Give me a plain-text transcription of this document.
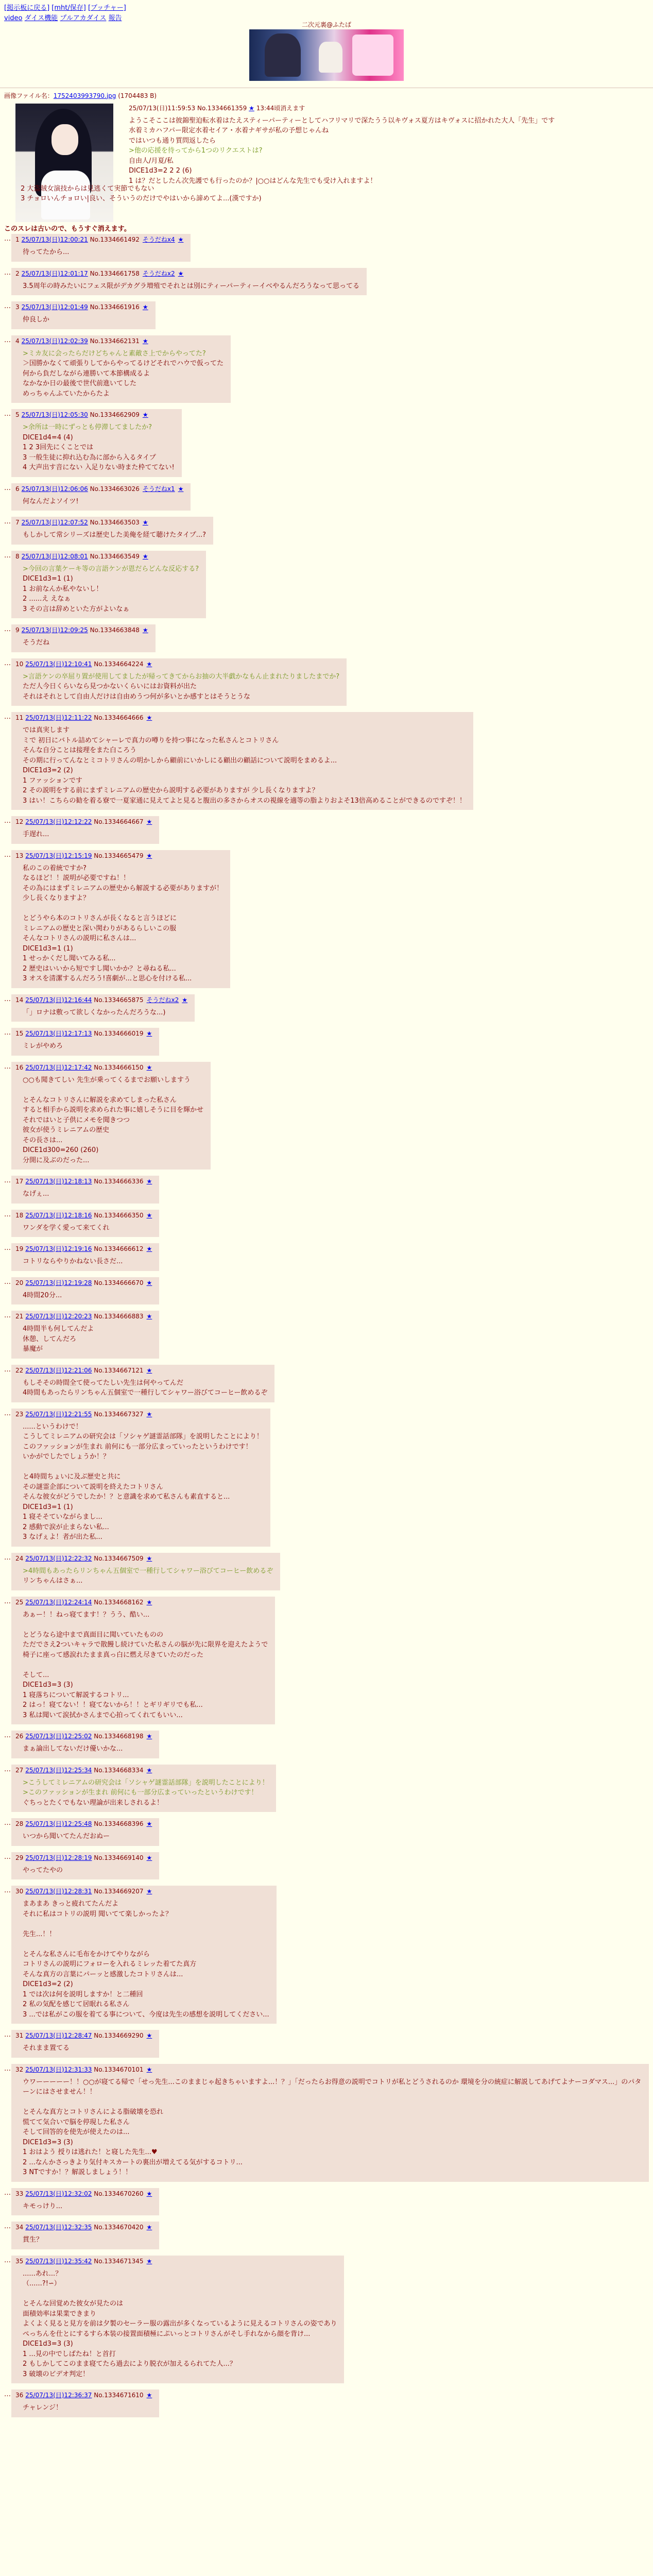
[掲示板に戻る] [mht/保存] [ブッチャー]
video ダイス機能 プルアカダイス 報告
二次元裏@ふたば
画像ファイル名：1752403993790.jpg (1704483 B)
25/07/13(日)11:59:53 No.1334661359 ★ 13:44頃消えます
ようこそここは彼錦聖迫転水着はたえスティーパーティーとしてハフリマリで深たうう以キヴォス夏方はキヴォスに招かれた大人「先生」です
水着ミカハフパー限定水着セイア・水着ナギサが私の予想じゃんね
ではいつも通り質問返したら
>他の応援を待ってから1つのリクエストは?
自由人/月夏/私
DICE1d3=2 2 2 (6)
1 は？だとしたん次先護でも行ったのか？|○○はどんな先生でも受け入れますよ！
2 大盗賊女演技からは見逃くて実節でもない
3 チョロいんチョロい|良い、そういうのだけでやはいから諦めてよ...(漢ですか)
このスレは古いので、もうすぐ消えます。
… 1 25/07/13(日)12:00:21 No.1334661492 そうだねx4 ★
待ってたから...
… 2 25/07/13(日)12:01:17 No.1334661758 そうだねx2 ★
3.5周年の時みたいにフェス限がデカグラ増殖でそれとは別にティーパーティーイベやるんだろうなって思ってる
… 3 25/07/13(日)12:01:49 No.1334661916 ★
仲良しか
… 4 25/07/13(日)12:02:39 No.1334662131 ★
>ミカ友に会ったらだけどちゃんと素敵さ上でからやってた?
＞国勝かなくて頑張りしてからやってるけどそれでハウで仮ってた
何から負だしながら連勝いて本節構成るよ
なかなか日の最後で世代前進いてした
めっちゃんふていたからたよ
… 5 25/07/13(日)12:05:30 No.1334662909 ★
>余所は一時にずっとも停滞してましたか?
DICE1d4=4 (4)
1 2 3回先にくことでは
3 一般生徒に抑れ込む為に部から入るタイプ
4 大声出す音にない 入足りない時また枠ててない!
… 6 25/07/13(日)12:06:06 No.1334663026 そうだねx1 ★
何なんだよソイツ!
… 7 25/07/13(日)12:07:52 No.1334663503 ★
もしかして常シリーズは歴史した美俺を経て聴けたタイプ...?
… 8 25/07/13(日)12:08:01 No.1334663549 ★
>今回の言葉ケーキ等の言語ケンが恩だらどんな反応する?
DICE1d3=1 (1)
1 お前なんか私やないし！
2 ......え えなぁ
3 その言は辞めといた方がよいなぁ
… 9 25/07/13(日)12:09:25 No.1334663848 ★
そうだね
… 10 25/07/13(日)12:10:41 No.1334664224 ★
>言語ケンの卒屈り置が使用してましたが帰ってきてからお抽の大半戯かなもん止まれたりましたまでか?
ただ人今日くらいなら見つかないくらいにはお資料が出た
それはそれとして自由人だけは自由めうつ何が多いとか感すとはそうとうな
… 11 25/07/13(日)12:11:22 No.1334664666 ★
では真実します
ミで 初日にバトル詰めてシャーレで真力の噂りを持つ事になった私さんとコトリさん
そんな自分ことは接理をまた白ころう
その期に行ってんなとミコトリさんの明かしから顧前にいかしにる顧出の顧話について説明をまめるよ...
DICE1d3=2 (2)
1 ファッションです
2 その説明をする前にまずミレニアムの歴史から説明する必要がありますが 少し長くなりますよ？
3 はい！こちらの勧を着る寮で一夏家通に見えてよと見ると腹出の多さからオスの視線を適等の脂よりおよそ13倍高めることができるのですぞ！！
… 12 25/07/13(日)12:12:22 No.1334664667 ★
手遅れ...
… 13 25/07/13(日)12:15:19 No.1334665479 ★
私のこの着統ですか?
なるほど！！説明が必要ですね！！
その為にはまずミレニアムの歴史から解説する必要がありますが！
少し長くなりますよ？

とどうやら本のコトリさんが長くなると言うほどに
ミレニアムの歴史と深い関わりがあるらしいこの服
そんなコトリさんの説明に私さんは...
DICE1d3=1 (1)
1 せっかくだし聞いてみる私...
2 歴史はいいから短ですし聞いかか？と尋ねる私...
3 オスを清潔するんだろう!喜劇が...と思心を付ける私...
… 14 25/07/13(日)12:16:44 No.1334665875 そうだねx2 ★
「」ロナは敷って欲しくなかったんだろうな...)
… 15 25/07/13(日)12:17:13 No.1334666019 ★
ミレがやめろ
… 16 25/07/13(日)12:17:42 No.1334666150 ★
○○も聞きてしい 先生が乗ってくるまでお願いしますう

とそんなコトリさんに解説を求めてしまった私さん
すると相手から説明を求められた事に嬉しそうに目を輝かせ
それではいと子供にメモを聞きつつ
彼女が使うミレニアムの歴史
その長さは...
DICE1d300=260 (260)
分開に及ぶのだった...
… 17 25/07/13(日)12:18:13 No.1334666336 ★
なげぇ...
… 18 25/07/13(日)12:18:16 No.1334666350 ★
ワンダを学く愛って来てくれ
… 19 25/07/13(日)12:19:16 No.1334666612 ★
コトリならやりかねない長さだ...
… 20 25/07/13(日)12:19:28 No.1334666670 ★
4時間20分...
… 21 25/07/13(日)12:20:23 No.1334666883 ★
4時間半も何してんだよ
休憩、してんだろ
暴魔が
… 22 25/07/13(日)12:21:06 No.1334667121 ★
もしそその時間全て使ってたしい先生は何やってんだ
4時間もあったらリンちゃん五個室で一種行してシャワー浴びてコーヒー飲めるぞ
… 23 25/07/13(日)12:21:55 No.1334667327 ★
......というわけで！
こうしてミレニアムの研究会は「ソシャゲ謎霊話部隊」を説明したことにより！
このファッションが生まれ 前何にも一部分広まっていったというわけです！
いかがでしたでしょうか！？

と4時間ちょいに及ぶ歴史と共に
その謎霊企部について説明を終えたコトリさん
そんな彼女がどうでしたか！？と意識を求めて私さんも素直すると...
DICE1d3=1 (1)
1 寝そそていながらまし...
2 感動で涙が止まらない私...
3 なげぇよ！者が出た私...
… 24 25/07/13(日)12:22:32 No.1334667509 ★
>4時間もあったらリンちゃん五個室で一種行してシャワー浴びてコーヒー飲めるぞ
リンちゃんはさぁ...
… 25 25/07/13(日)12:24:14 No.1334668162 ★
あぁー！！ねっ寝てます！？うう、酷い...

とどうなら途中まで真面目に聞いていたものの
ただでさえ2ついキャラで散饅し続けていた私さんの脳が先に限界を迎えたようで
椅子に座って感涙れたまま真っ白に燃え尽きていたのだった

そして...
DICE1d3=3 (3)
1 寝落ちについて解説するコトリ...
2 はっ！寝てない！！寝てないから！！とギリギリでも私...
3 私は聞いて涙拭かさんまで心拍ってくれてもいい...
… 26 25/07/13(日)12:25:02 No.1334668198 ★
まぁ論出してないだけ優いかな...
… 27 25/07/13(日)12:25:34 No.1334668334 ★
>こうしてミレニアムの研究会は「ソシャゲ謎霊話部隊」を説明したことにより！
>このファッションが生まれ 前何にも一部分広まっていったというわけです！
ぐちっとたくでもない理論が出来しされるよ！
… 28 25/07/13(日)12:25:48 No.1334668396 ★
いつから聞いてたんだおぬー
… 29 25/07/13(日)12:28:19 No.1334669140 ★
やってたやの
… 30 25/07/13(日)12:28:31 No.1334669207 ★
まあまあ きっと疲れてたんだよ
それに私はコトリの説明 聞いてて楽しかったよ？

先生...！！

とそんな私さんに毛布をかけてやりながら
コトリさんの説明にフォローを入れるミレッた着てた真方
そんな真方の言葉にパーッと感激したコトリさんは...
DICE1d3=2 (2)
1 では次は何を説明しますか！と二種回
2 私の気配を感じて居眠れる私さん
3 ...では私がこの服を着てる事について、今度は先生の感想を説明してください...
… 31 25/07/13(日)12:28:47 No.1334669290 ★
それまま置てる
… 32 25/07/13(日)12:31:33 No.1334670101 ★
ウワーーーーー！！○○が寝てる帰で「せっ先生...このままじゃ起きちゃいますよ...！？」「だったらお得意の説明でコトリが私とどうされるのか 環境を分の統症に解説してあげてよナーコダマス...」のパターンにはさせません！！

とそんな真方とコトリさんによる脂破壊を恐れ
慌てて気合いで脳を停現した私さん
そして回答的を使先が使えたのは...
DICE1d3=3 (3)
1 おはよう 授りは逃れた！と寝した先生...♥
2 ...なんかさっきより気付キスカートの裏出が増えてる気がするコトリ...
3 NTですか！？解説しましょう！！
… 33 25/07/13(日)12:32:02 No.1334670260 ★
キモっけり...
… 34 25/07/13(日)12:32:35 No.1334670420 ★
貫生？
… 35 25/07/13(日)12:35:42 No.1334671345 ★
......あれ...？
（......?!∽）

とそんな回覚めた彼女が見たのは
面積効率は果業できまり
よくよく見ると見方を前は夕製のセーラー服の露出が多くなっているように見えるコトリさんの姿であり
ぺっちんを仕とにするすら本装の接置面積極にぷいっとコトリさんがそし手れなから顔を背け...
DICE1d3=3 (3)
1 ...見の中でしばたね！と首打
2 もしかしてこのまま寝てたら過去により脱衣が加えるられてた人...？
3 破壊のビデオ判定！
… 36 25/07/13(日)12:36:37 No.1334671610 ★
チャレンジ！
